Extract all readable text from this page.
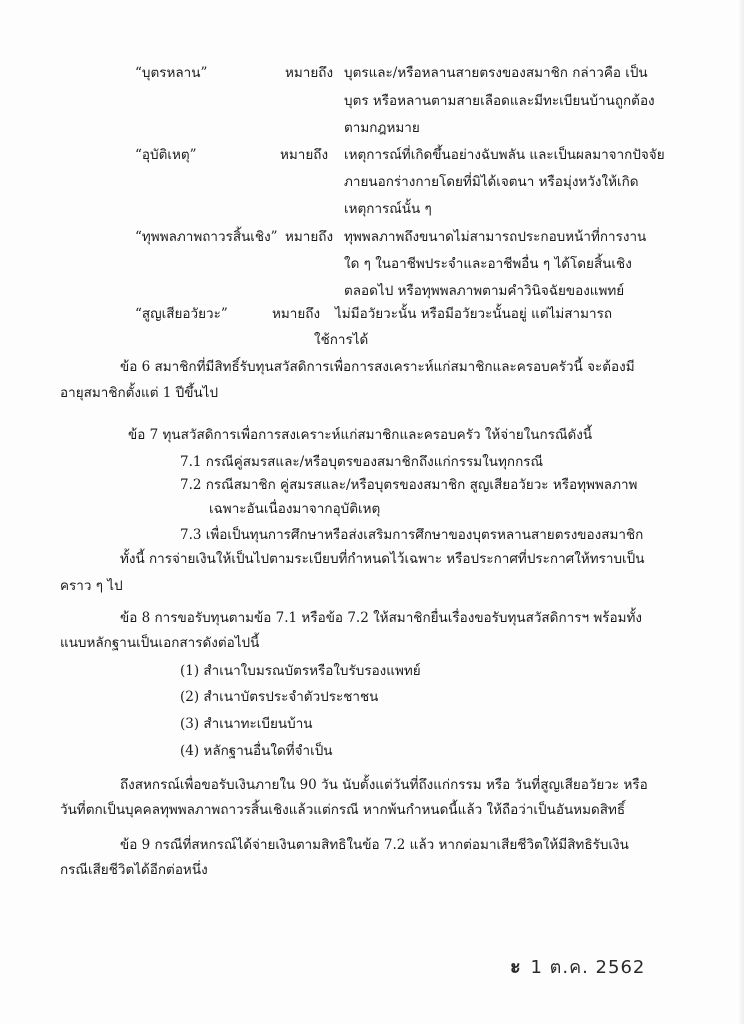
“บุตรหลาน”	หมายถึง บุตรและ/หรือหลานสายตรงของสมาชิก กล่าวคือ เป็น
บุตร หรือหลานตามสายเลือดและมีทะเบียนบ้านถูกต้อง
ตามกฎหมาย
“อุบัติเหตุ”	หมายถึง เหตุการณ์ที่เกิดขึ้นอย่างฉับพลัน และเป็นผลมาจากปัจจัย
ภายนอกร่างกายโดยที่มิได้เจตนา หรือมุ่งหวังให้เกิด
เหตุการณ์นั้น ๆ
“ทุพพลภาพถาวรสิ้นเชิง” หมายถึง ทุพพลภาพถึงขนาดไม่สามารถประกอบหน้าที่การงาน
ใด ๆ ในอาชีพประจำและอาชีพอื่น ๆ ได้โดยสิ้นเชิง
ตลอดไป หรือทุพพลภาพตามคำวินิจฉัยของแพทย์
“สูญเสียอวัยวะ”	หมายถึง ไม่มีอวัยวะนั้น หรือมีอวัยวะนั้นอยู่ แต่ไม่สามารถ
ใช้การได้
ข้อ 6 สมาชิกที่มีสิทธิ์รับทุนสวัสดิการเพื่อการสงเคราะห์แก่สมาชิกและครอบครัวนี้ จะต้องมี
อายุสมาชิกตั้งแต่ 1 ปีขึ้นไป
ข้อ 7 ทุนสวัสดิการเพื่อการสงเคราะห์แก่สมาชิกและครอบครัว ให้จ่ายในกรณีดังนี้
7.1 กรณีคู่สมรสและ/หรือบุตรของสมาชิกถึงแก่กรรมในทุกกรณี
7.2 กรณีสมาชิก คู่สมรสและ/หรือบุตรของสมาชิก สูญเสียอวัยวะ หรือทุพพลภาพ
เฉพาะอันเนื่องมาจากอุบัติเหตุ
7.3 เพื่อเป็นทุนการศึกษาหรือส่งเสริมการศึกษาของบุตรหลานสายตรงของสมาชิก
ทั้งนี้ การจ่ายเงินให้เป็นไปตามระเบียบที่กำหนดไว้เฉพาะ หรือประกาศที่ประกาศให้ทราบเป็น
คราว ๆ ไป
ข้อ 8 การขอรับทุนตามข้อ 7.1 หรือข้อ 7.2 ให้สมาชิกยื่นเรื่องขอรับทุนสวัสดิการฯ พร้อมทั้ง
แนบหลักฐานเป็นเอกสารดังต่อไปนี้
(1) สำเนาใบมรณบัตรหรือใบรับรองแพทย์
(2) สำเนาบัตรประจำตัวประชาชน
(3) สำเนาทะเบียนบ้าน
(4) หลักฐานอื่นใดที่จำเป็น
ถึงสหกรณ์เพื่อขอรับเงินภายใน 90 วัน นับตั้งแต่วันที่ถึงแก่กรรม หรือ วันที่สูญเสียอวัยวะ หรือ
วันที่ตกเป็นบุคคลทุพพลภาพถาวรสิ้นเชิงแล้วแต่กรณี หากพ้นกำหนดนี้แล้ว ให้ถือว่าเป็นอันหมดสิทธิ์
ข้อ 9 กรณีที่สหกรณ์ได้จ่ายเงินตามสิทธิในข้อ 7.2 แล้ว หากต่อมาเสียชีวิตให้มีสิทธิรับเงิน
กรณีเสียชีวิตได้อีกต่อหนึ่ง
ะ 1 ต.ค. 2562
